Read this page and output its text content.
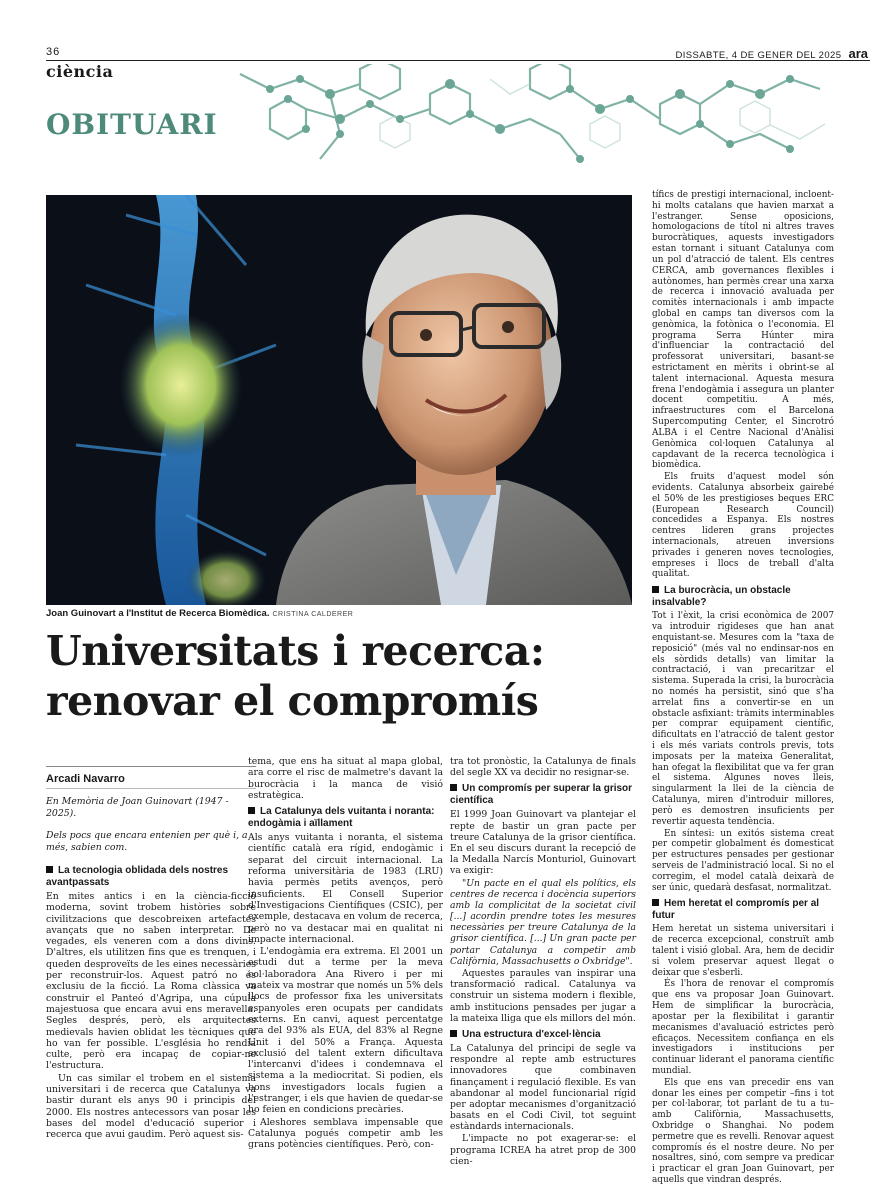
36	DISSABTE, 4 DE GENER DEL 2025 ara
ciència
OBITUARI
Joan Guinovart a l'Institut de Recerca Biomèdica. CRISTINA CALDERER
Universitats i recerca:
renovar el compromís
Arcadi Navarro
En Memòria de Joan Guinovart (1947 - 2025).
Dels pocs que encara entenien per què i, a més, sabien com.
La tecnologia oblidada dels nostres avantpassats

En mites antics i en la ciència-ficció moderna, sovint trobem històries sobre civilitzacions que descobreixen artefactes avançats que no saben interpretar. De vegades, els veneren com a dons divins. D'altres, els utilitzen fins que es trenquen, i queden desproveïts de les eines necessàries per reconstruir-los. Aquest patró no és exclusiu de la ficció. La Roma clàssica va construir el Panteó d'Agripa, una cúpula majestuosa que encara avui ens meravella. Segles després, però, els arquitectes medievals havien oblidat les tècniques que ho van fer possible. L'església ho rendia culte, però era incapaç de copiar-ne l'estructura.

Un cas similar el trobem en el sistema universitari i de recerca que Catalunya va bastir durant els anys 90 i principis del 2000. Els nostres antecessors van posar les bases del model d'educació superior i recerca que avui gaudim. Però aquest sis-

tema, que ens ha situat al mapa global, ara corre el risc de malmetre's davant la burocràcia i la manca de visió estratègica.

La Catalunya dels vuitanta i noranta: endogàmia i aïllament

Als anys vuitanta i noranta, el sistema científic català era rígid, endogàmic i separat del circuit internacional. La reforma universitària de 1983 (LRU) havia permès petits avenços, però insuficients. El Consell Superior d'Investigacions Científiques (CSIC), per exemple, destacava en volum de recerca, però no va destacar mai en qualitat ni impacte internacional.

L'endogàmia era extrema. El 2001 un estudi dut a terme per la meva col·laboradora Ana Rivero i per mi mateix va mostrar que només un 5% dels llocs de professor fixa les universitats espanyoles eren ocupats per candidats externs. En canvi, aquest percentatge era del 93% als EUA, del 83% al Regne Unit i del 50% a França. Aquesta exclusió del talent extern dificultava l'intercanvi d'idees i condemnava el sistema a la mediocritat. Si podien, els bons investigadors locals fugien a l'estranger, i els que havien de quedar-se ho feien en condicions precàries.

Aleshores semblava impensable que Catalunya pogués competir amb les grans potències científiques. Però, con-

tra tot pronòstic, la Catalunya de finals del segle XX va decidir no resignar-se.

Un compromís per superar la grisor científica

El 1999 Joan Guinovart va plantejar el repte de bastir un gran pacte per treure Catalunya de la grisor científica. En el seu discurs durant la recepció de la Medalla Narcís Monturiol, Guinovart va exigir:

"Un pacte en el qual els polítics, els centres de recerca i docència superiors amb la complicitat de la societat civil [...] acordin prendre totes les mesures necessàries per treure Catalunya de la grisor científica. [...] Un gran pacte per portar Catalunya a competir amb Califòrnia, Massachusetts o Oxbridge".

Aquestes paraules van inspirar una transformació radical. Catalunya va construir un sistema modern i flexible, amb institucions pensades per jugar a la mateixa lliga que els millors del món.

Una estructura d'excel·lència

La Catalunya del principi de segle va respondre al repte amb estructures innovadores que combinaven finançament i regulació flexible. Es van abandonar al model funcionarial rígid per adoptar mecanismes d'organització basats en el Codi Civil, tot seguint estàndards internacionals.

L'impacte no pot exagerar-se: el programa ICREA ha atret prop de 300 cien-

tífics de prestigi internacional, incloent-hi molts catalans que havien marxat a l'estranger. Sense oposicions, homologacions de títol ni altres traves burocràtiques, aquests investigadors estan tornant i situant Catalunya com un pol d'atracció de talent. Els centres CERCA, amb governances flexibles i autònomes, han permès crear una xarxa de recerca i innovació avaluada per comitès internacionals i amb impacte global en camps tan diversos com la genòmica, la fotònica o l'economia. El programa Serra Húnter mira d'influenciar la contractació del professorat universitari, basant-se estrictament en mèrits i obrint-se al talent internacional. Aquesta mesura frena l'endogàmia i assegura un planter docent competitiu. A més, infraestructures com el Barcelona Supercomputing Center, el Sincrotró ALBA i el Centre Nacional d'Anàlisi Genòmica col·loquen Catalunya al capdavant de la recerca tecnològica i biomèdica.

Els fruits d'aquest model són evidents. Catalunya absorbeix gairebé el 50% de les prestigioses beques ERC (European Research Council) concedides a Espanya. Els nostres centres lideren grans projectes internacionals, atreuen inversions privades i generen noves tecnologies, empreses i llocs de treball d'alta qualitat.

La burocràcia, un obstacle insalvable?

Tot i l'èxit, la crisi econòmica de 2007 va introduir rigideses que han anat enquistant-se. Mesures com la "taxa de reposició" (més val no endinsar-nos en els sòrdids detalls) van limitar la contractació, i van precaritzar el sistema. Superada la crisi, la burocràcia no només ha persistit, sinó que s'ha arrelat fins a convertir-se en un obstacle asfixiant: tràmits interminables per comprar equipament científic, dificultats en l'atracció de talent gestor i els més variats controls previs, tots imposats per la mateixa Generalitat, han ofegat la flexibilitat que va fer gran el sistema. Algunes noves lleis, singularment la llei de la ciència de Catalunya, miren d'introduir millores, però es demostren insuficients per revertir aquesta tendència.

En síntesi: un exitós sistema creat per competir globalment és domesticat per estructures pensades per gestionar serveis de l'administració local. Si no el corregim, el model català deixarà de ser únic, quedarà desfasat, normalitzat.

Hem heretat el compromís per al futur

Hem heretat un sistema universitari i de recerca excepcional, construït amb talent i visió global. Ara, hem de decidir si volem preservar aquest llegat o deixar que s'esberli.

És l'hora de renovar el compromís que ens va proposar Joan Guinovart. Hem de simplificar la burocràcia, apostar per la flexibilitat i garantir mecanismes d'avaluació estrictes però eficaços. Necessitem confiança en els investigadors i institucions per continuar liderant el panorama científic mundial.

Els que ens van precedir ens van donar les eines per competir –fins i tot per col·laborar, tot parlant de tu a tu– amb Califòrnia, Massachusetts, Oxbridge o Shanghai. No podem permetre que es revelli. Renovar aquest compromís és el nostre deure. No per nosaltres, sinó, com sempre va predicar i practicar el gran Joan Guinovart, per aquells que vindran després.
